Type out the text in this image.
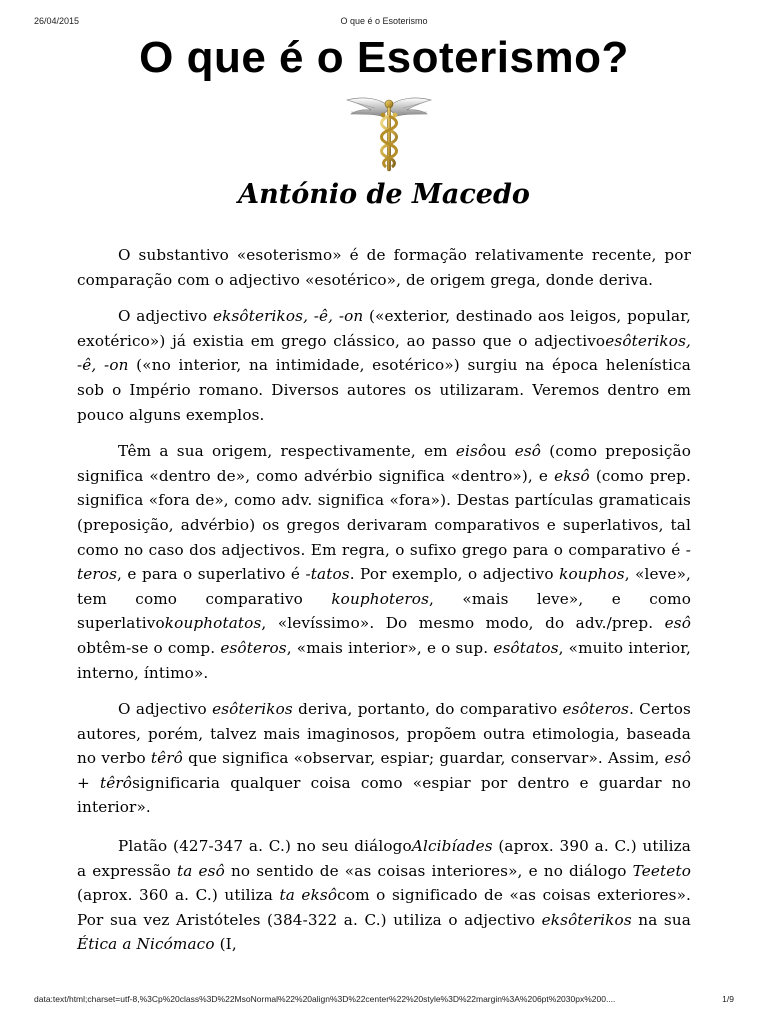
26/04/2015	O que é o Esoterismo
O que é o Esoterismo?
António de Macedo

O substantivo «esoterismo» é de formação relativamente recente, por comparação com o adjectivo «esotérico», de origem grega, donde deriva.

O adjectivo eksôterikos, -ê, -on («exterior, destinado aos leigos, popular, exotérico») já existia em grego clássico, ao passo que o adjectivoesôterikos, -ê, -on («no interior, na intimidade, esotérico») surgiu na época helenística sob o Império romano. Diversos autores os utilizaram. Veremos dentro em pouco alguns exemplos.

Têm a sua origem, respectivamente, em eisôou esô (como preposição significa «dentro de», como advérbio significa «dentro»), e eksô (como prep. significa «fora de», como adv. significa «fora»). Destas partículas gramaticais (preposição, advérbio) os gregos derivaram comparativos e superlativos, tal como no caso dos adjectivos. Em regra, o sufixo grego para o comparativo é -teros, e para o superlativo é -tatos. Por exemplo, o adjectivo kouphos, «leve», tem como comparativo kouphoteros, «mais leve», e como superlativokouphotatos, «levíssimo». Do mesmo modo, do adv./prep. esô obtêm-se o comp. esôteros, «mais interior», e o sup. esôtatos, «muito interior, interno, íntimo».

O adjectivo esôterikos deriva, portanto, do comparativo esôteros. Certos autores, porém, talvez mais imaginosos, propõem outra etimologia, baseada no verbo têrô que significa «observar, espiar; guardar, conservar». Assim, esô + têrôsignificaria qualquer coisa como «espiar por dentro e guardar no interior».

Platão (427-347 a. C.) no seu diálogoAlcibíades (aprox. 390 a. C.) utiliza a expressão ta esô no sentido de «as coisas interiores», e no diálogo Teeteto (aprox. 360 a. C.) utiliza ta eksôcom o significado de «as coisas exteriores». Por sua vez Aristóteles (384-322 a. C.) utiliza o adjectivo eksôterikos na sua Ética a Nicómaco (I,

data:text/html;charset=utf-8,%3Cp%20class%3D%22MsoNormal%22%20align%3D%22center%22%20style%3D%22margin%3A%206pt%2030px%200....	1/9
